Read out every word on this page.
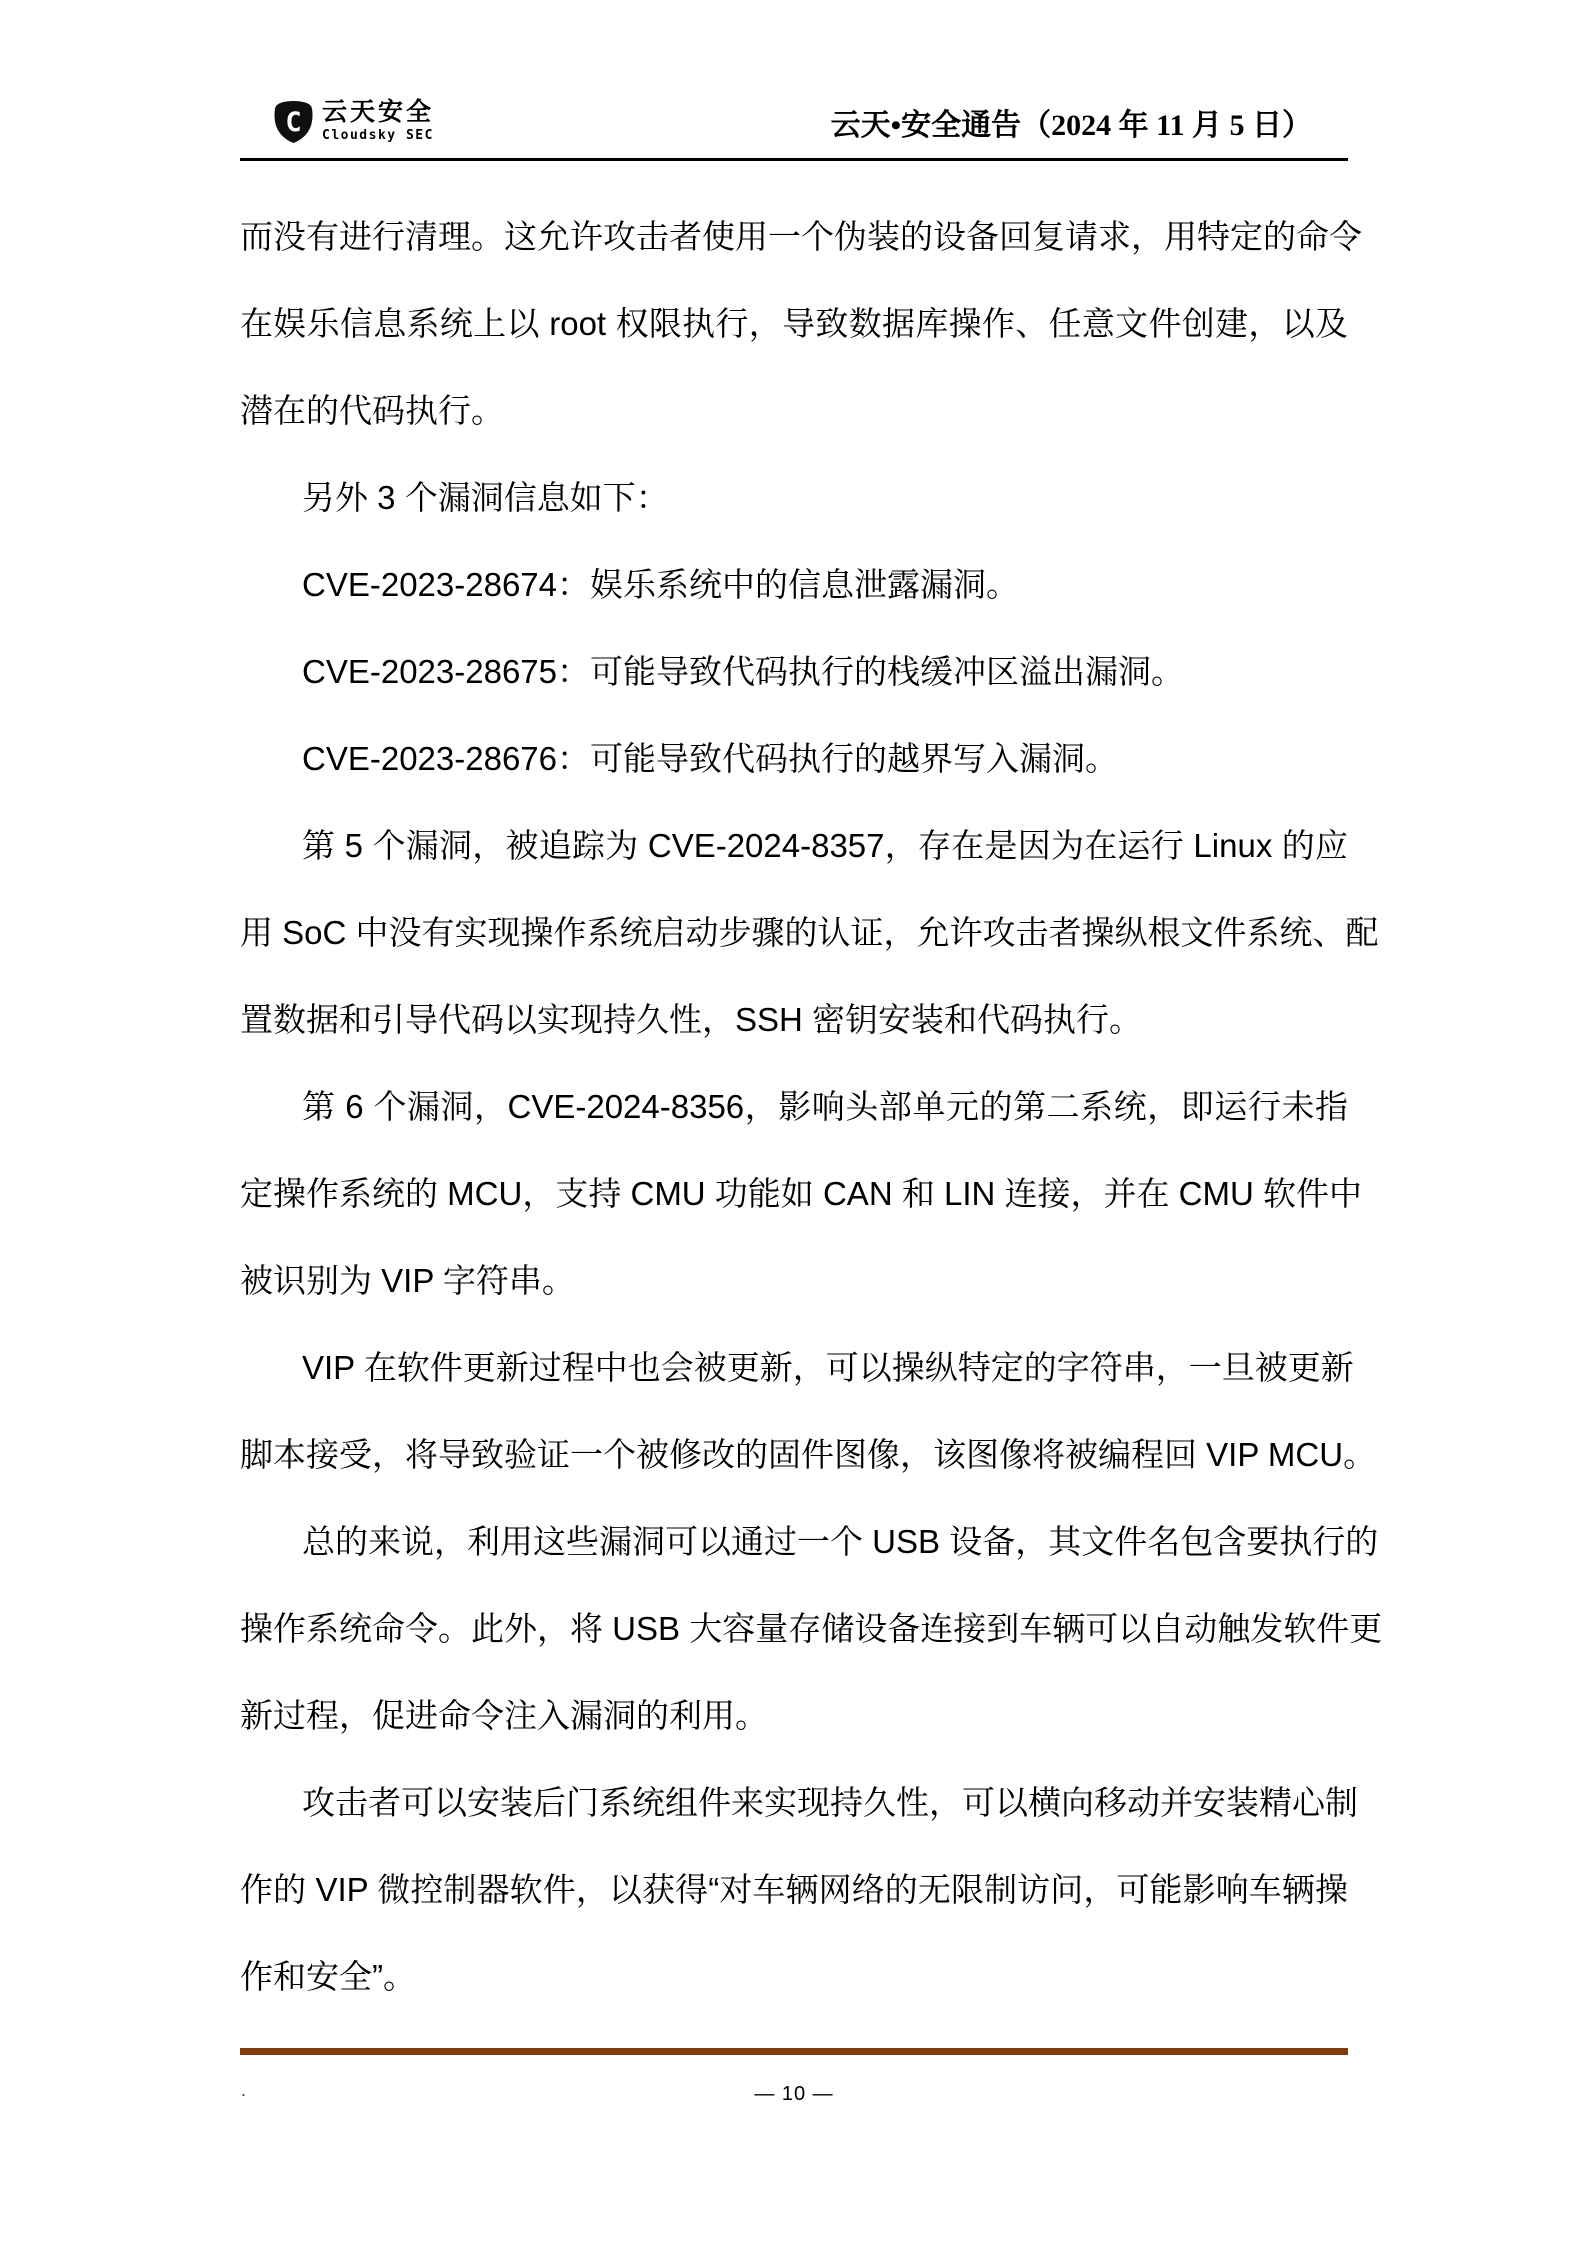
C 云天安全
Cloudsky SEC	云天•安全通告（2024 年 11 月 5 日）
而没有进行清理。这允许攻击者使用一个伪装的设备回复请求，用特定的命令
在娱乐信息系统上以 root 权限执行，导致数据库操作、任意文件创建，以及
潜在的代码执行。
另外 3 个漏洞信息如下：
CVE-2023-28674：娱乐系统中的信息泄露漏洞。
CVE-2023-28675：可能导致代码执行的栈缓冲区溢出漏洞。
CVE-2023-28676：可能导致代码执行的越界写入漏洞。
第 5 个漏洞，被追踪为 CVE-2024-8357，存在是因为在运行 Linux 的应
用 SoC 中没有实现操作系统启动步骤的认证，允许攻击者操纵根文件系统、配
置数据和引导代码以实现持久性，SSH 密钥安装和代码执行。
第 6 个漏洞，CVE-2024-8356，影响头部单元的第二系统，即运行未指
定操作系统的 MCU，支持 CMU 功能如 CAN 和 LIN 连接，并在 CMU 软件中
被识别为 VIP 字符串。
VIP 在软件更新过程中也会被更新，可以操纵特定的字符串，一旦被更新
脚本接受，将导致验证一个被修改的固件图像，该图像将被编程回 VIP MCU。
总的来说，利用这些漏洞可以通过一个 USB 设备，其文件名包含要执行的
操作系统命令。此外，将 USB 大容量存储设备连接到车辆可以自动触发软件更
新过程，促进命令注入漏洞的利用。
攻击者可以安装后门系统组件来实现持久性，可以横向移动并安装精心制
作的 VIP 微控制器软件，以获得“对车辆网络的无限制访问，可能影响车辆操
作和安全”。
.	— 10 —
